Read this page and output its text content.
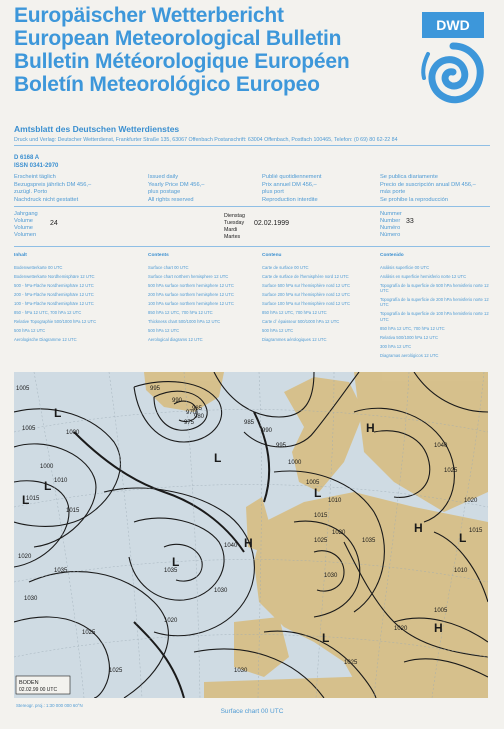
Europäischer Wetterbericht
European Meteorological Bulletin
Bulletin Météorologique Européen
Boletín Meteorológico Europeo
DWD
Amtsblatt des Deutschen Wetterdienstes
Druck und Verlag: Deutscher Wetterdienst, Frankfurter Straße 135, 63067 Offenbach Postanschrift: 63004 Offenbach, Postfach 100465, Telefon: (0 69) 80 62-22 84
D 6168 A
ISSN 0341-2970
Erscheint täglich
Bezugspreis jährlich DM 456,–
zuzügl. Porto
Nachdruck nicht gestattet
Issued daily
Yearly Price DM 456,–
plus postage
All rights reserved
Publié quotidiennement
Prix annuel DM 456,–
plus port
Reproduction interdite
Se publica diariamente
Precio de suscripción anual DM 456,–
más porte
Se prohibe la reproducción
Jahrgang
Volume
Volume
Volumen
24
Dienstag
Tuesday
Mardi
Martes
02.02.1999
Nummer
Number
Numéro
Número
33
Inhalt
Bodenwetterkarte 00 UTC
Bodenwetterkarte Nordhemisphäre 12 UTC
500 - hPa-Fläche Nordhemisphäre 12 UTC
200 - hPa-Fläche Nordhemisphäre 12 UTC
100 - hPa-Fläche Nordhemisphäre 12 UTC
850 - hPa 12 UTC, 700 hPa 12 UTC
Relative Topographie 500/1000 hPa 12 UTC
500 hPa 12 UTC
Aerologische Diagramme 12 UTC
Contents
Surface chart 00 UTC
Surface chart northern hemisphere 12 UTC
500 hPa surface northern hemisphere 12 UTC
200 hPa surface northern hemisphere 12 UTC
100 hPa surface northern hemisphere 12 UTC
850 hPa 12 UTC, 700 hPa 12 UTC
Thickness chart 500/1000 hPa 12 UTC
500 hPa 12 UTC
Aerological diagrams 12 UTC
Contenu
Carte de surface 00 UTC
Carte de surface de l'hemisphère nord 12 UTC
Surface 500 hPa sur l'hemisphère nord 12 UTC
Surface 200 hPa sur l'hemisphère nord 12 UTC
Surface 100 hPa sur l'hemisphère nord 12 UTC
850 hPa 12 UTC, 700 hPa 12 UTC
Carte d´ épaisseur 500/1000 hPa 12 UTC
500 hPa 12 UTC
Diagrammes aérologiques 12 UTC
Contenido
Análisis superficie 00 UTC
Análisis en superficie hemisferio norte 12 UTC
Topografía de la superficie de 500 hPa hemisferio norte 12 UTC
Topografía de la superficie de 200 hPa hemisferio norte 12 UTC
Topografía de la superficie de 100 hPa hemisferio norte 12 UTC
850 hPa 12 UTC, 700 hPa 12 UTC
Relativa 500/1000 hPa 12 UTC
300 hPa 12 UTC
Diagramas aerológicos 12 UTC
1005
1005
1000
1000
1010
1015
1015
1020
1020
1025
1025
1030
1030
1035
1035
1040
995
990
985
980
975
970
985
990
995
1000
1005
1010
1015
1020
1025
1030
1035
1040
1025
1020
1015
1010
1005
1020
1025
1030
L
L
L
L
L
L
L
L
H
H
H
H
BODEN
02.02.99 00 UTC
Stereogr. proj.: 1:30 000 000 60°N
Surface chart 00 UTC
